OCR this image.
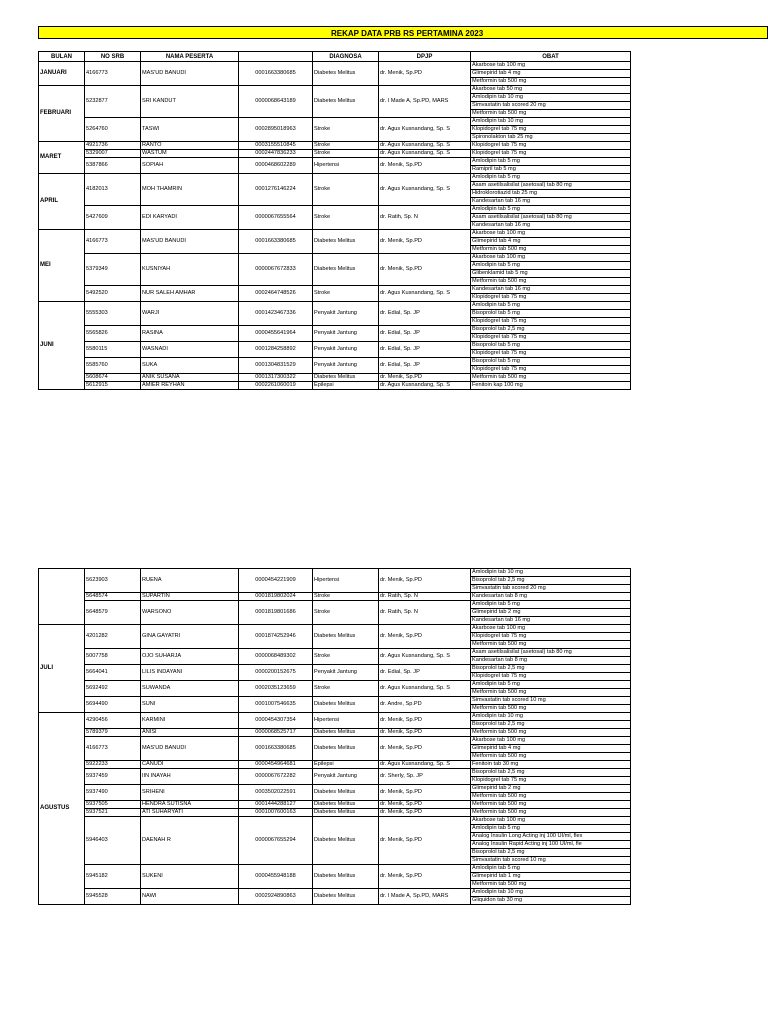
REKAP DATA PRB RS PERTAMINA 2023
BULAN	NO SRB	NAMA PESERTA		DIAGNOSA	DPJP	OBAT
JANUARI	4166773	MAS'UD BANUDI	0001663380685	Diabetes Melitus	dr. Menik, Sp.PD	Akarbose tab 100 mg
						Glimepirid tab 4 mg
						Metformin tab 500 mg
FEBRUARI	5232877	SRI KANDUT	0000068643189	Diabetes Melitus	dr. I Made A, Sp.PD, MARS	Akarbose tab 50 mg
						Amlodipin tab 10 mg
						Simvastatin tab scored 20 mg
						Metformin tab 500 mg
	5264760	TASWI	0002895018963	Stroke	dr. Agus Kusnandang, Sp. S	Amlodipin tab 10 mg
						Klopidogrel tab 75 mg
						Spironolakton tab 25 mg
MARET	4921736	RANTO	0003155510845	Stroke	dr. Agus Kusnandang, Sp. S	Klopidogrel tab 75 mg
	5329007	WASTUM	0002447836233	Stroke	dr. Agus Kusnandang, Sp. S	Klopidogrel tab 75 mg
	5387866	SOPIAH	0000468602289	Hipertensi	dr. Menik, Sp.PD	Amlodipin tab 5 mg
						Ramipril tab 5 mg
APRIL	4182013	MOH THAMRIN	0001276146224	Stroke	dr. Agus Kusnandang, Sp. S	Amlodipin tab 5 mg
						Asam asetilsalisilat (asetosal) tab 80 mg
						Hidroklorotiazid tab 25 mg
						Kandesartan tab 16 mg
	5427609	EDI KARYADI	0000067655564	Stroke	dr. Ratih, Sp. N	Amlodipin tab 5 mg
						Asam asetilsalisilat (asetosal) tab 80 mg
						Kandesartan tab 16 mg
MEI	4166773	MAS'UD BANUDI	0001663380685	Diabetes Melitus	dr. Menik, Sp.PD	Akarbose tab 100 mg
						Glimepirid tab 4 mg
						Metformin tab 500 mg
	5379349	KUSNIYAH	0000067672833	Diabetes Melitus	dr. Menik, Sp.PD	Akarbose tab 100 mg
						Amlodipin tab 5 mg
						Glibenklamid tab 5 mg
						Metformin tab 500 mg
	5492520	NUR SALEH AMHAR	0002464748526	Stroke	dr. Agus Kusnandang, Sp. S	Kandesartan tab 16 mg
						Klopidogrel tab 75 mg
JUNI	5555303	WARJI	0001423467336	Penyakit Jantung	dr. Edial, Sp. JP	Amlodipin tab 5 mg
						Bisoprolol tab 5 mg
						Klopidogrel tab 75 mg
	5565826	RASINA	0000455641964	Penyakit Jantung	dr. Edial, Sp. JP	Bisoprolol tab 2,5 mg
						Klopidogrel tab 75 mg
	5580115	WASNADI	0001284258892	Penyakit Jantung	dr. Edial, Sp. JP	Bisoprolol tab 5 mg
						Klopidogrel tab 75 mg
	5585760	SUKA	0001304831529	Penyakit Jantung	dr. Edial, Sp. JP	Bisoprolol tab 5 mg
						Klopidogrel tab 75 mg
	5608674	ANIK SUSANA	0001317300322	Diabetes Melitus	dr. Menik, Sp.PD	Metformin tab 500 mg
	5612915	AMIER REYHAN	0002261060019	Epilepsi	dr. Agus Kusnandang, Sp. S	Fenitoin kap 100 mg
	5623903	RUENA	0000454221909	Hipertensi	dr. Menik, Sp.PD	Amlodipin tab 10 mg
						Bisoprolol tab 2,5 mg
						Simvastatin tab scored 20 mg
	5648574	SUPARTIN	0001819802024	Stroke	dr. Ratih, Sp. N	Kandesartan tab 8 mg
	5648579	WARSONO	0001819801686	Stroke	dr. Ratih, Sp. N	Amlodipin tab 5 mg
						Glimepirid tab 2 mg
						Kandesartan tab 16 mg
JULI	4201282	GINA GAYATRI	0001874252946	Diabetes Melitus	dr. Menik, Sp.PD	Akarbose tab 100 mg
						Klopidogrel tab 75 mg
						Metformin tab 500 mg
	5007758	OJO SUHARJA	0000068489302	Stroke	dr. Agus Kusnandang, Sp. S	Asam asetilsalisilat (asetosal) tab 80 mg
						Kandesartan tab 8 mg
	5664041	LILIS INDAYANI	0000200152675	Penyakit Jantung	dr. Edial, Sp. JP	Bisoprolol tab 2,5 mg
						Klopidogrel tab 75 mg
	5692492	SUWANDA	0002035123659	Stroke	dr. Agus Kusnandang, Sp. S	Amlodipin tab 5 mg
						Metformin tab 500 mg
	5694490	SUNI	0001007546635	Diabetes Melitus	dr. Andre, Sp.PD	Simvastatin tab scored 10 mg
						Metformin tab 500 mg
AGUSTUS	4290456	KARMINI	0000454307354	Hipertensi	dr. Menik, Sp.PD	Amlodipin tab 10 mg
						Bisoprolol tab 2,5 mg
	5789379	ANISI	0000068525717	Diabetes Melitus	dr. Menik, Sp.PD	Metformin tab 500 mg
	4166773	MAS'UD BANUDI	0001663380685	Diabetes Melitus	dr. Menik, Sp.PD	Akarbose tab 100 mg
						Glimepirid tab 4 mg
						Metformin tab 500 mg
	5922233	CANUDI	0000454964681	Epilepsi	dr. Agus Kusnandang, Sp. S	Fenitoin tab 30 mg
	5937459	IIN INAYAH	0000067672282	Penyakit Jantung	dr. Sherly, Sp. JP	Bisoprolol tab 2,5 mg
						Klopidogrel tab 75 mg
	5937490	SRIHENI	0003502022591	Diabetes Melitus	dr. Menik, Sp.PD	Glimepirid tab 2 mg
						Metformin tab 500 mg
	5937505	HENDRA SUTISNA	0001444288127	Diabetes Melitus	dr. Menik, Sp.PD	Metformin tab 500 mg
	5937521	ATI SUHARYATI	0001007600163	Diabetes Melitus	dr. Menik, Sp.PD	Metformin tab 500 mg
	5946403	DAENAH R	0000067655294	Diabetes Melitus	dr. Menik, Sp.PD	Akarbose tab 100 mg
						Amlodipin tab 5 mg
						Analog Insulin Long Acting inj 100 UI/ml, flex
						Analog Insulin Rapid Acting inj 100 UI/ml, fle
						Bisoprolol tab 2,5 mg
						Simvastatin tab scored 10 mg
	5945182	SUKENI	0000455948188	Diabetes Melitus	dr. Menik, Sp.PD	Amlodipin tab 5 mg
						Glimepirid tab 1 mg
						Metformin tab 500 mg
	5945528	NAWI	0002924890863	Diabetes Melitus	dr. I Made A, Sp.PD, MARS	Amlodipin tab 10 mg
						Gliquidon tab 30 mg
